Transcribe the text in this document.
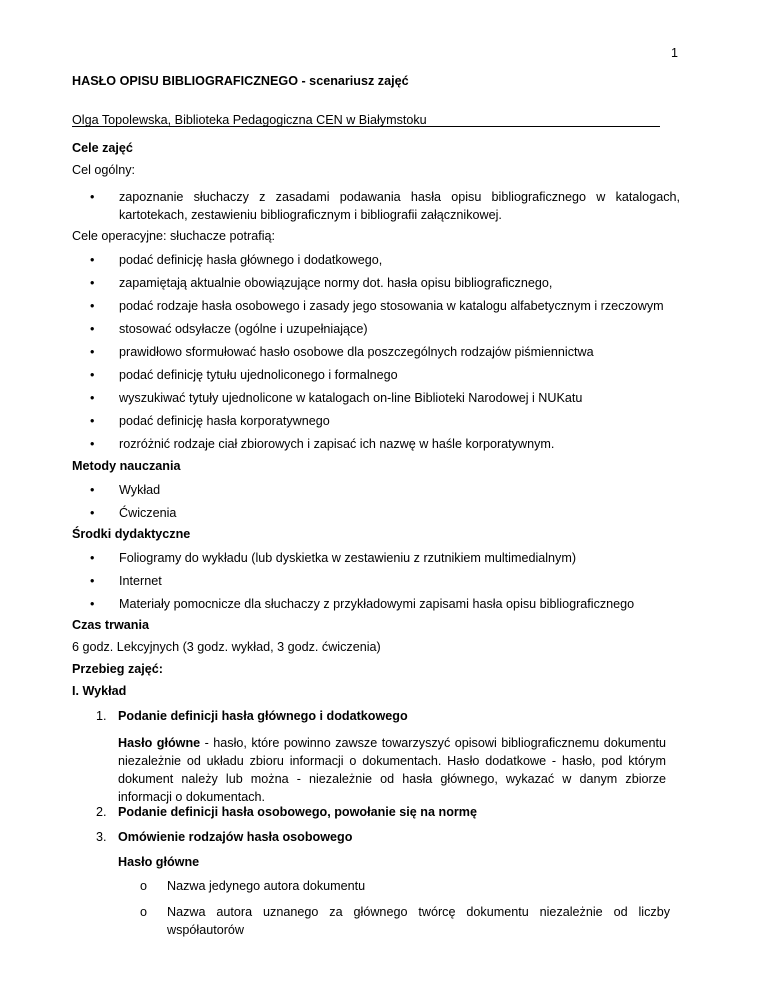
1
HASŁO OPISU BIBLIOGRAFICZNEGO - scenariusz zajęć
Olga Topolewska, Biblioteka Pedagogiczna CEN w Białymstoku
Cele zajęć
Cel ogólny:
• zapoznanie słuchaczy z zasadami podawania hasła opisu bibliograficznego w katalogach, kartotekach, zestawieniu bibliograficznym i bibliografii załącznikowej.
Cele operacyjne: słuchacze potrafią:
• podać definicję hasła głównego i dodatkowego,
• zapamiętają aktualnie obowiązujące normy dot. hasła opisu bibliograficznego,
• podać rodzaje hasła osobowego i zasady jego stosowania w katalogu alfabetycznym i rzeczowym
• stosować odsyłacze (ogólne i uzupełniające)
• prawidłowo sformułować hasło osobowe dla poszczególnych rodzajów piśmiennictwa
• podać definicję tytułu ujednoliconego i formalnego
• wyszukiwać tytuły ujednolicone w katalogach on-line Biblioteki Narodowej i NUKatu
• podać definicję hasła korporatywnego
• rozróżnić rodzaje ciał zbiorowych i zapisać ich nazwę w haśle korporatywnym.
Metody nauczania
• Wykład
• Ćwiczenia
Środki dydaktyczne
• Foliogramy do wykładu (lub dyskietka w zestawieniu z rzutnikiem multimedialnym)
• Internet
• Materiały pomocnicze dla słuchaczy z przykładowymi zapisami hasła opisu bibliograficznego
Czas trwania
6 godz. Lekcyjnych (3 godz. wykład, 3 godz. ćwiczenia)
Przebieg zajęć:
I. Wykład
1. Podanie definicji hasła głównego i dodatkowego
Hasło główne - hasło, które powinno zawsze towarzyszyć opisowi bibliograficznemu dokumentu niezależnie od układu zbioru informacji o dokumentach. Hasło dodatkowe - hasło, pod którym dokument należy lub można - niezależnie od hasła głównego, wykazać w danym zbiorze informacji o dokumentach.
2. Podanie definicji hasła osobowego, powołanie się na normę
3. Omówienie rodzajów hasła osobowego
Hasło główne
o Nazwa jedynego autora dokumentu
o Nazwa autora uznanego za głównego twórcę dokumentu niezależnie od liczby współautorów
